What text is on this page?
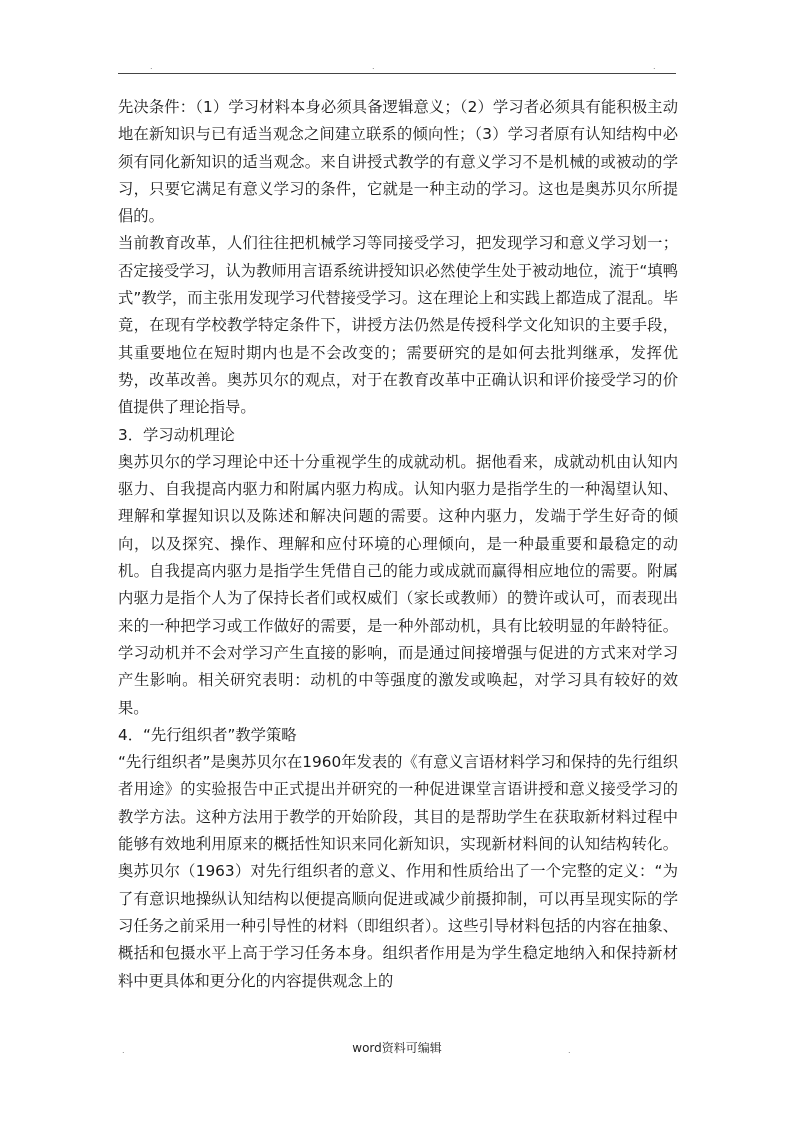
.	.	.

先决条件：（1）学习材料本身必须具备逻辑意义；（2）学习者必须具有能积极主动地在新知识与已有适当观念之间建立联系的倾向性；（3）学习者原有认知结构中必须有同化新知识的适当观念。来自讲授式教学的有意义学习不是机械的或被动的学习，只要它满足有意义学习的条件，它就是一种主动的学习。这也是奥苏贝尔所提倡的。

当前教育改革，人们往往把机械学习等同接受学习，把发现学习和意义学习划一；否定接受学习，认为教师用言语系统讲授知识必然使学生处于被动地位，流于“填鸭式”教学，而主张用发现学习代替接受学习。这在理论上和实践上都造成了混乱。毕竟，在现有学校教学特定条件下，讲授方法仍然是传授科学文化知识的主要手段，其重要地位在短时期内也是不会改变的；需要研究的是如何去批判继承，发挥优势，改革改善。奥苏贝尔的观点，对于在教育改革中正确认识和评价接受学习的价值提供了理论指导。

3．学习动机理论

奥苏贝尔的学习理论中还十分重视学生的成就动机。据他看来，成就动机由认知内驱力、自我提高内驱力和附属内驱力构成。认知内驱力是指学生的一种渴望认知、理解和掌握知识以及陈述和解决问题的需要。这种内驱力，发端于学生好奇的倾向，以及探究、操作、理解和应付环境的心理倾向，是一种最重要和最稳定的动机。自我提高内驱力是指学生凭借自己的能力或成就而赢得相应地位的需要。附属内驱力是指个人为了保持长者们或权威们（家长或教师）的赞许或认可，而表现出来的一种把学习或工作做好的需要，是一种外部动机，具有比较明显的年龄特征。学习动机并不会对学习产生直接的影响，而是通过间接增强与促进的方式来对学习产生影响。相关研究表明：动机的中等强度的激发或唤起，对学习具有较好的效果。

4．“先行组织者”教学策略

“先行组织者”是奥苏贝尔在1960年发表的《有意义言语材料学习和保持的先行组织者用途》的实验报告中正式提出并研究的一种促进课堂言语讲授和意义接受学习的教学方法。这种方法用于教学的开始阶段，其目的是帮助学生在获取新材料过程中能够有效地利用原来的概括性知识来同化新知识，实现新材料间的认知结构转化。奥苏贝尔（1963）对先行组织者的意义、作用和性质给出了一个完整的定义：“为了有意识地操纵认知结构以便提高顺向促进或减少前摄抑制，可以再呈现实际的学习任务之前采用一种引导性的材料（即组织者）。这些引导材料包括的内容在抽象、概括和包摄水平上高于学习任务本身。组织者作用是为学生稳定地纳入和保持新材料中更具体和更分化的内容提供观念上的

.	word资料可编辑	.
